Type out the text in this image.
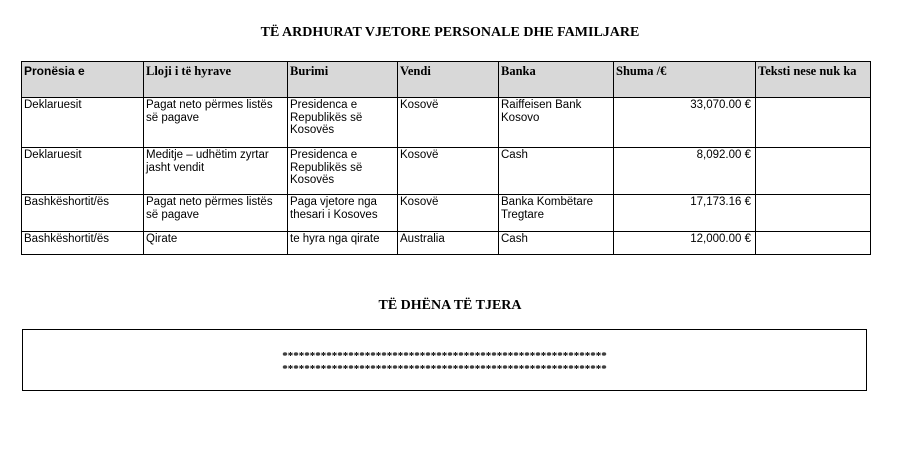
TË ARDHURAT VJETORE PERSONALE DHE FAMILJARE
Pronësia e	Lloji i të hyrave	Burimi	Vendi	Banka	Shuma /€	Teksti nese nuk ka
Deklaruesit	Pagat neto përmes listës së pagave	Presidenca e Republikës së Kosovës	Kosovë	Raiffeisen Bank Kosovo	33,070.00 €	
Deklaruesit	Meditje – udhëtim zyrtar jasht vendit	Presidenca e Republikës së Kosovës	Kosovë	Cash	8,092.00 €	
Bashkëshortit/ës	Pagat neto përmes listës së pagave	Paga vjetore nga thesari i Kosoves	Kosovë	Banka Kombëtare Tregtare	17,173.16 €	
Bashkëshortit/ës	Qirate	te hyra nga qirate	Australia	Cash	12,000.00 €	
TË DHËNA TË TJERA
***********************************************************
***********************************************************
